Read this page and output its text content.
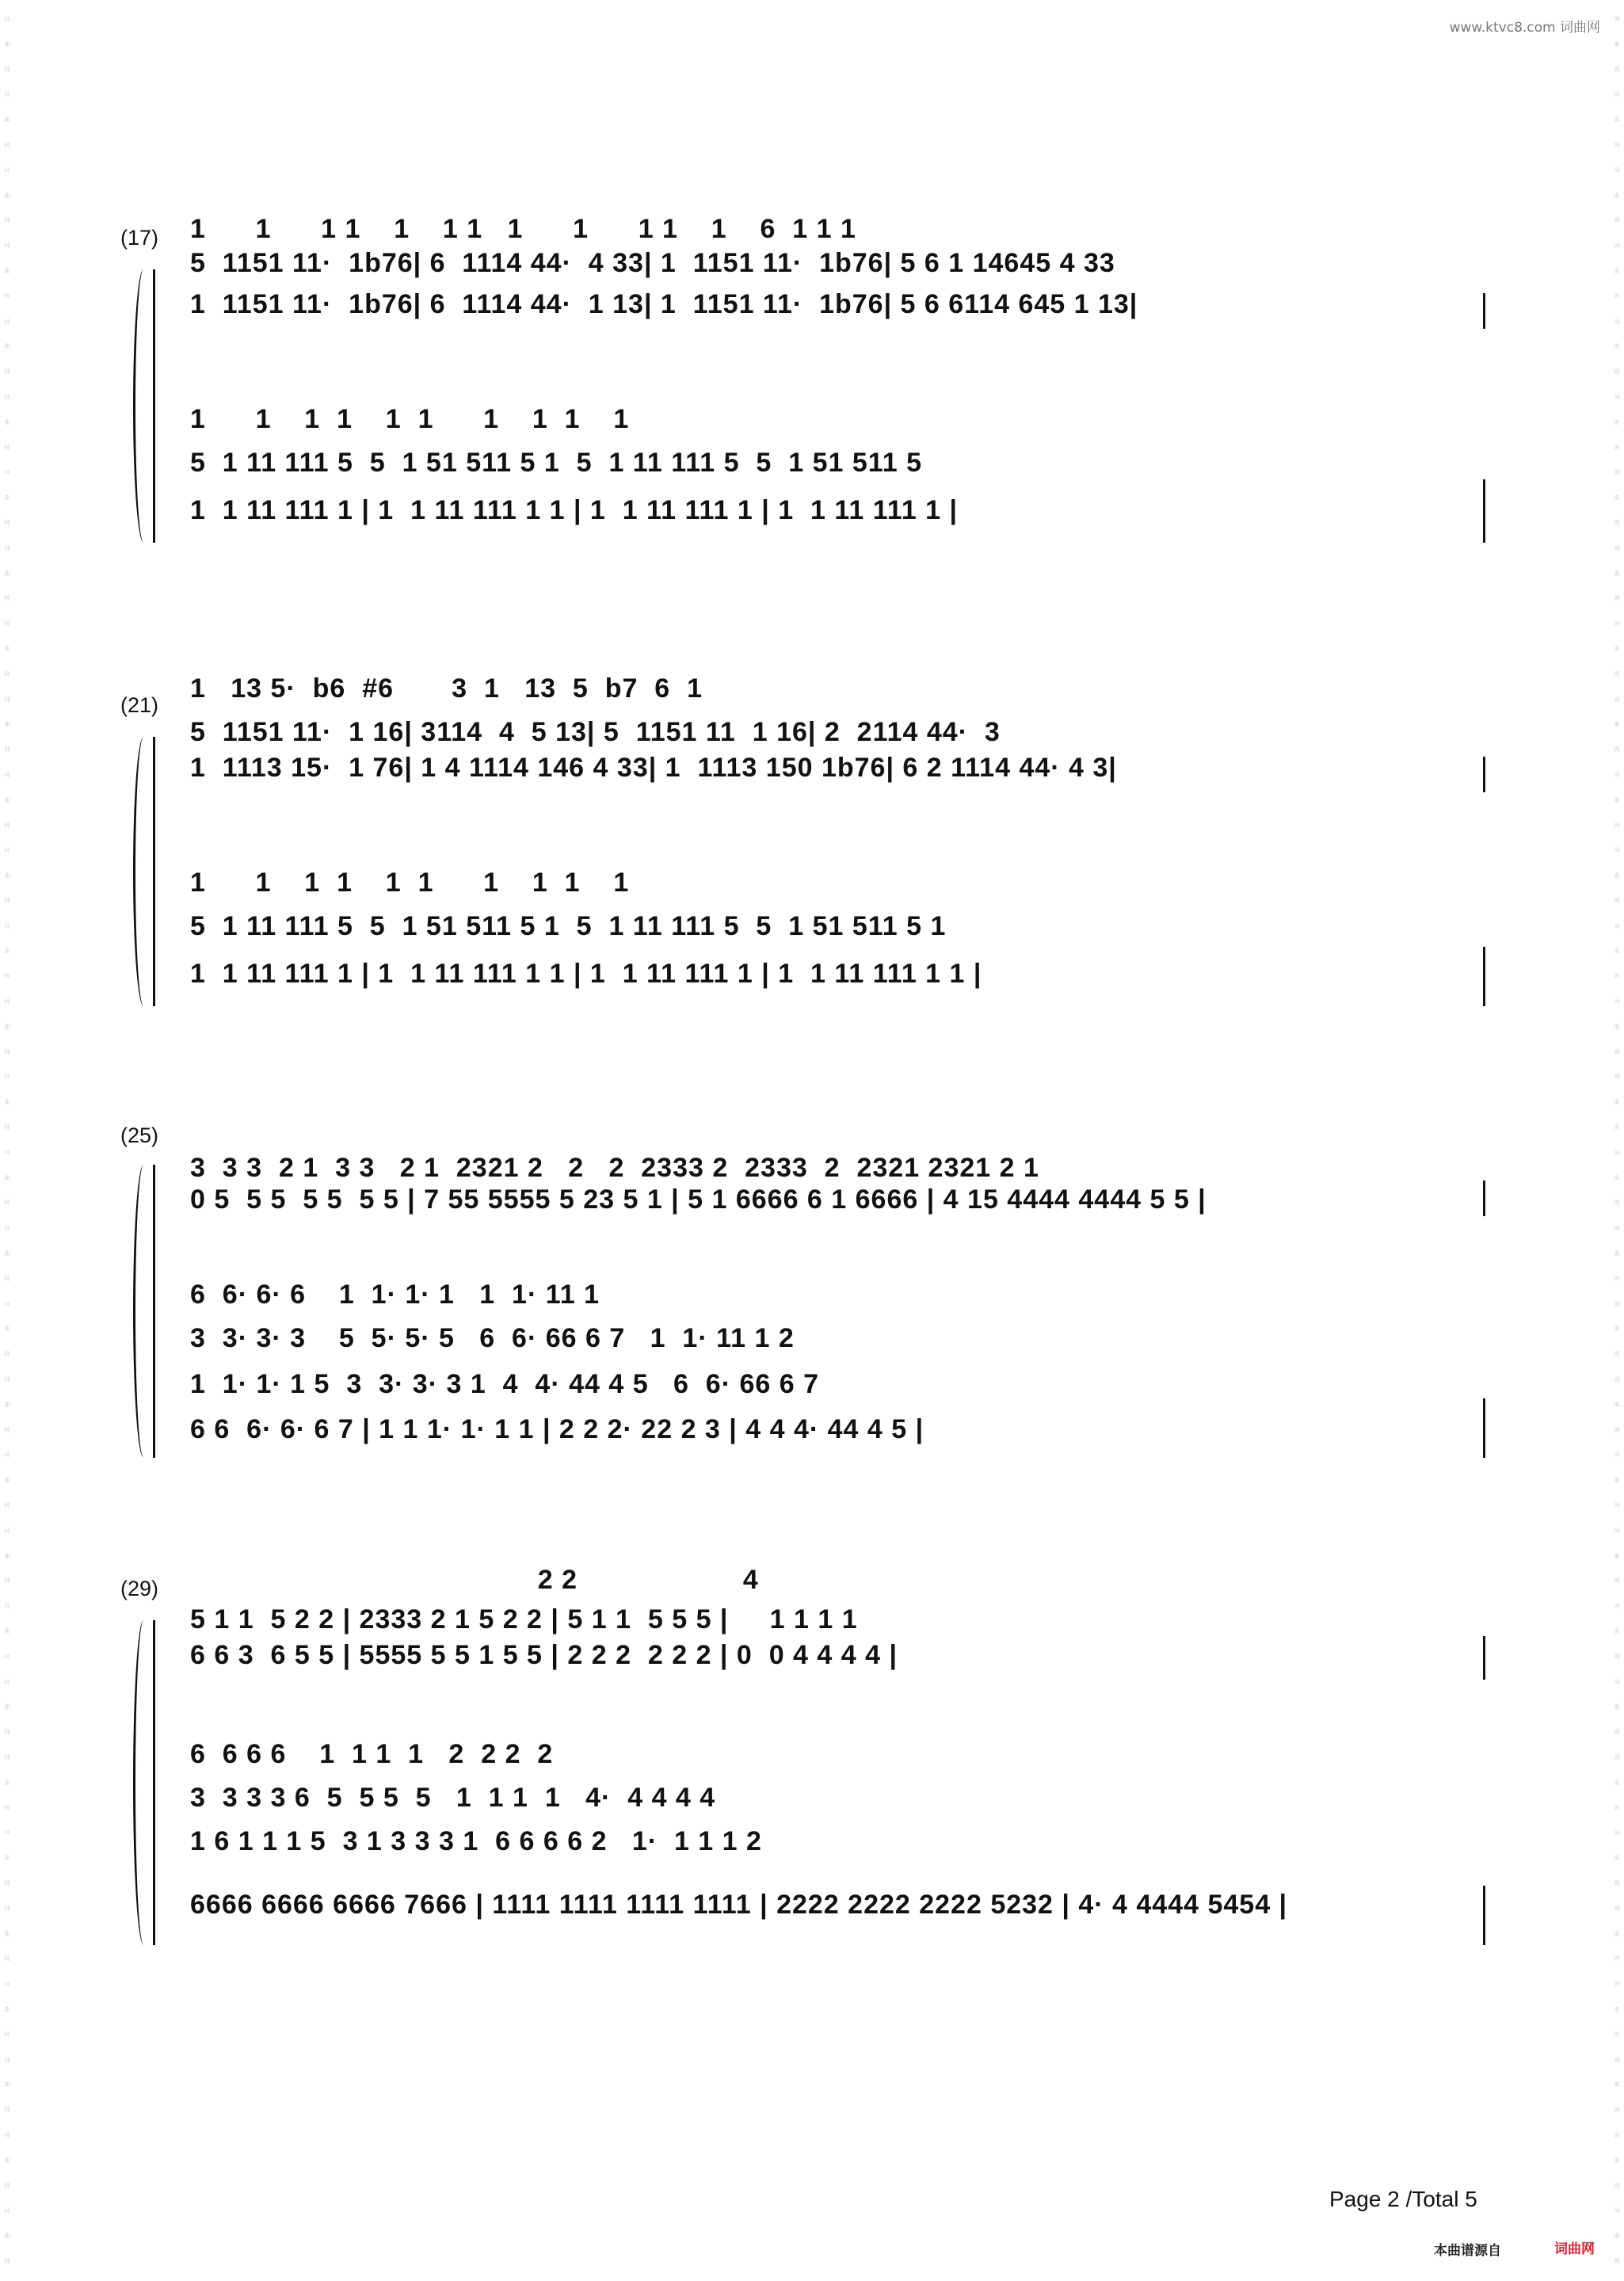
www.ktvc8.com 词曲网
词
曲
网
词
曲
网
词
曲
网
词
曲
网
词
曲
网
词
曲
网
词
曲
网
词
曲
网
词
曲
网
词
曲
网
词
曲
网
词
曲
网
词
曲
网
词
曲
网
词
曲
网
词
曲
网
词
曲
网
词
曲
网
词
曲
网
词
曲
网
词
曲
网
词
曲
网
词
曲
网
词
曲
网
词
曲
网
词
曲
网
词
曲
网
词
曲
网
词
曲
网
词
曲
网
词
曲
网
词
曲
网
词
曲
网
词
曲
网
词
曲
网
词
曲
网
词
曲
网
词
曲
网
词
曲
网
词
曲
网
词
曲
网
词
曲
网
词
曲
网
词
曲
网
词
曲
网
词
曲
网
词
曲
网
词
曲
网
词
曲
网
词
曲
网
词
曲
网
词
曲
网
词
曲
网
词
曲
网
词
曲
网
词
曲
网
词
曲
网
词
曲
网
词
曲
网
词
曲
网
(17) 1      1      1 1    1    1 1   1      1      1 1    1    6  1 1 1
5  1151 11·  1b76| 6  1114 44·  4 33| 1  1151 11·  1b76| 5 6 1 14645 4 33
1  1151 11·  1b76| 6  1114 44·  1 13| 1  1151 11·  1b76| 5 6 6114 645 1 13|
1      1    1  1    1  1      1    1  1    1
5  1 11 111 5  5  1 51 511 5 1  5  1 11 111 5  5  1 51 511 5
1  1 11 111 1 | 1  1 11 111 1 1 | 1  1 11 111 1 | 1  1 11 111 1 |
(21)
1   13 5·  b6  #6       3  1   13  5  b7  6  1
5  1151 11·  1 16| 3114  4  5 13| 5  1151 11  1 16| 2  2114 44·  3
1  1113 15·  1 76| 1 4 1114 146 4 33| 1  1113 150 1b76| 6 2 1114 44· 4 3|
1      1    1  1    1  1      1    1  1    1
5  1 11 111 5  5  1 51 511 5 1  5  1 11 111 5  5  1 51 511 5 1
1  1 11 111 1 | 1  1 11 111 1 1 | 1  1 11 111 1 | 1  1 11 111 1 1 |
(25)
3  3 3  2 1  3 3   2 1  2321 2   2   2  2333 2  2333  2  2321 2321 2 1
0 5  5 5  5 5  5 5 | 7 55 5555 5 23 5 1 | 5 1 6666 6 1 6666 | 4 15 4444 4444 5 5 |
6  6· 6· 6    1  1· 1· 1   1  1· 11 1
3  3· 3· 3    5  5· 5· 5   6  6· 66 6 7   1  1· 11 1 2
1  1· 1· 1 5  3  3· 3· 3 1  4  4· 44 4 5   6  6· 66 6 7
6 6  6· 6· 6 7 | 1 1 1· 1· 1 1 | 2 2 2· 22 2 3 | 4 4 4· 44 4 5 |
(29) 2 2                    4
5 1 1  5 2 2 | 2333 2 1 5 2 2 | 5 1 1  5 5 5 |     1 1 1 1
6 6 3  6 5 5 | 5555 5 5 1 5 5 | 2 2 2  2 2 2 | 0  0 4 4 4 4 |
6  6 6 6    1  1 1  1   2  2 2  2
3  3 3 3 6  5  5 5  5   1  1 1  1   4·  4 4 4 4
1 6 1 1 1 5  3 1 3 3 3 1  6 6 6 6 2   1·  1 1 1 2
6666 6666 6666 7666 | 1111 1111 1111 1111 | 2222 2222 2222 5232 | 4· 4 4444 5454 |
Page 2 /Total 5
本曲谱源自	词曲网
